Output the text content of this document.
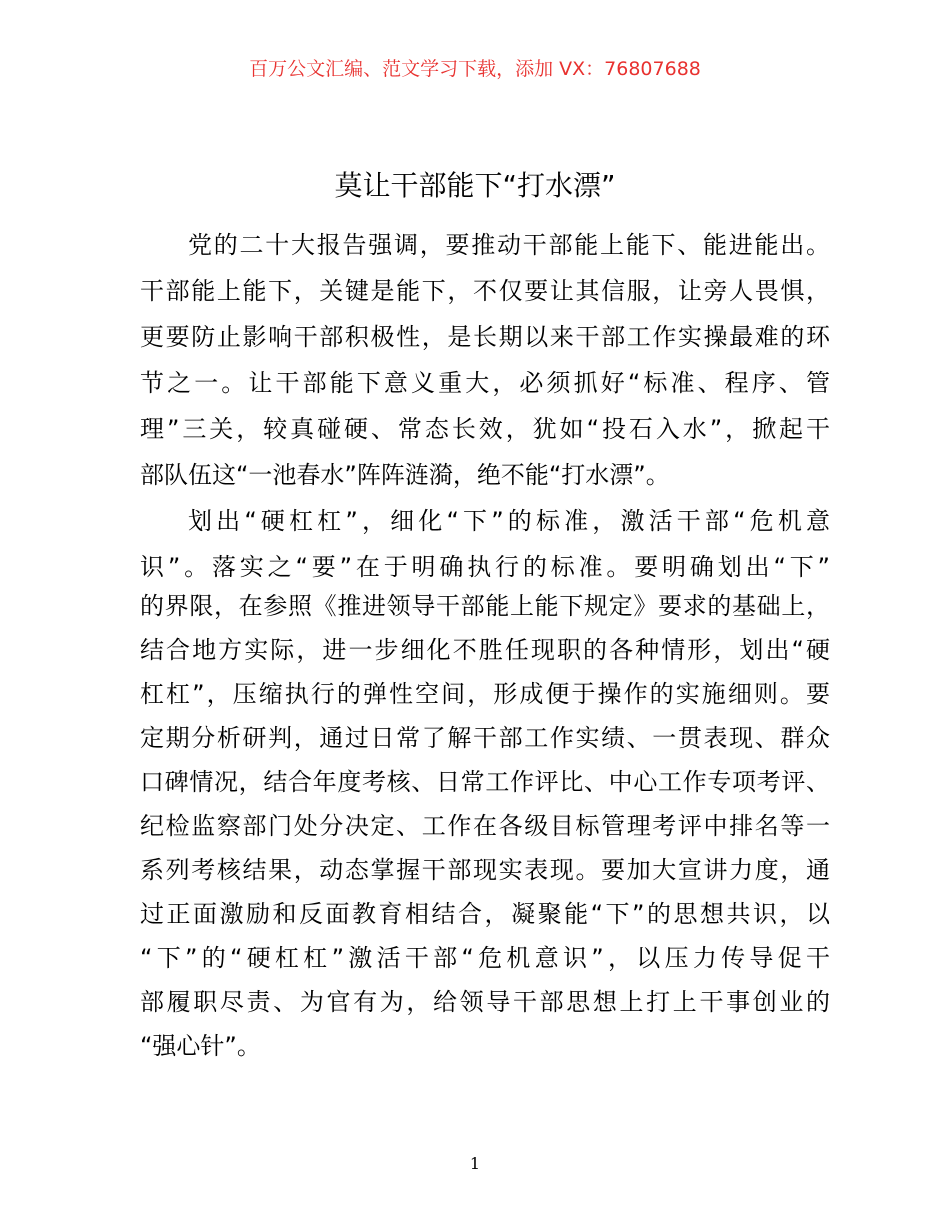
百万公文汇编、范文学习下载，添加 VX：76807688
莫让干部能下“打水漂”
党的二十大报告强调，要推动干部能上能下、能进能出。
干部能上能下，关键是能下，不仅要让其信服，让旁人畏惧，
更要防止影响干部积极性，是长期以来干部工作实操最难的环
节之一。让干部能下意义重大，必须抓好“标准、程序、管
理”三关，较真碰硬、常态长效，犹如“投石入水”，掀起干
部队伍这“一池春水”阵阵涟漪，绝不能“打水漂”。
划出“硬杠杠”，细化“下”的标准，激活干部“危机意
识”。落实之“要”在于明确执行的标准。要明确划出“下”
的界限，在参照《推进领导干部能上能下规定》要求的基础上，
结合地方实际，进一步细化不胜任现职的各种情形，划出“硬
杠杠”，压缩执行的弹性空间，形成便于操作的实施细则。要
定期分析研判，通过日常了解干部工作实绩、一贯表现、群众
口碑情况，结合年度考核、日常工作评比、中心工作专项考评、
纪检监察部门处分决定、工作在各级目标管理考评中排名等一
系列考核结果，动态掌握干部现实表现。要加大宣讲力度，通
过正面激励和反面教育相结合，凝聚能“下”的思想共识，以
“下”的“硬杠杠”激活干部“危机意识”，以压力传导促干
部履职尽责、为官有为，给领导干部思想上打上干事创业的
“强心针”。
1
